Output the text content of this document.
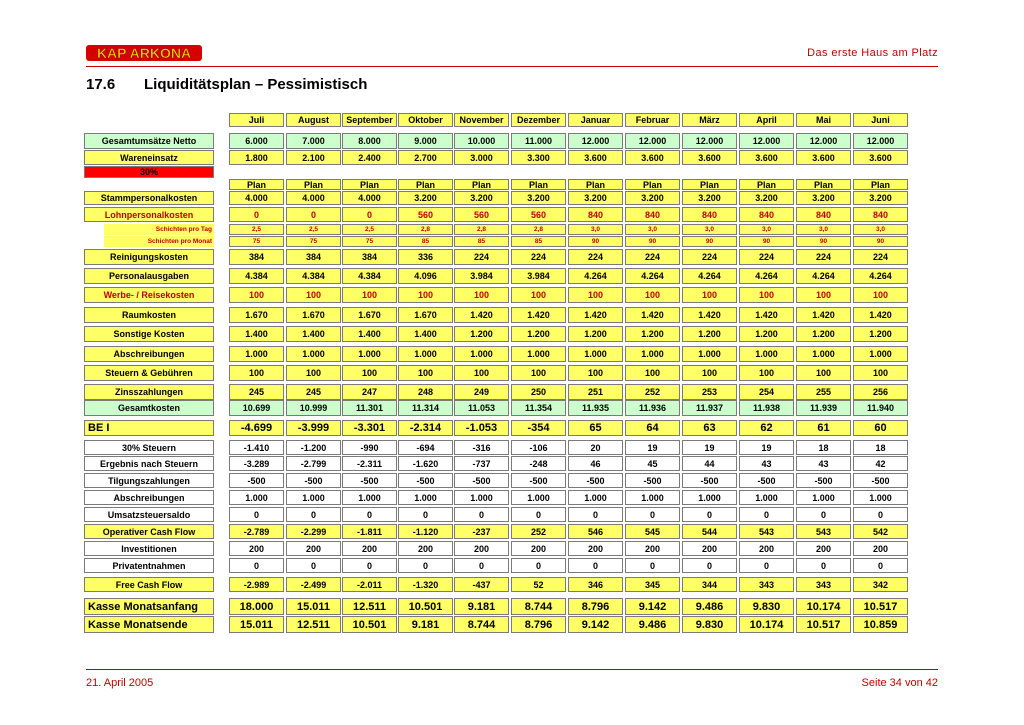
KAP ARKONA	Das erste Haus am Platz
17.6 Liquiditätsplan – Pessimistisch
Juli	August	September	Oktober	November	Dezember	Januar	Februar	März	April	Mai	Juni
Gesamtumsätze Netto	6.000	7.000	8.000	9.000	10.000	11.000	12.000	12.000	12.000	12.000	12.000	12.000
Wareneinsatz	1.800	2.100	2.400	2.700	3.000	3.300	3.600	3.600	3.600	3.600	3.600	3.600
30%
Plan	Plan	Plan	Plan	Plan	Plan	Plan	Plan	Plan	Plan	Plan	Plan
Stammpersonalkosten	4.000	4.000	4.000	3.200	3.200	3.200	3.200	3.200	3.200	3.200	3.200	3.200
Lohnpersonalkosten	0	0	0	560	560	560	840	840	840	840	840	840
Schichten pro Tag	2,5	2,5	2,5	2,8	2,8	2,8	3,0	3,0	3,0	3,0	3,0	3,0
Schichten pro Monat	75	75	75	85	85	85	90	90	90	90	90	90
Reinigungskosten	384	384	384	336	224	224	224	224	224	224	224	224
Personalausgaben	4.384	4.384	4.384	4.096	3.984	3.984	4.264	4.264	4.264	4.264	4.264	4.264
Werbe- / Reisekosten	100	100	100	100	100	100	100	100	100	100	100	100
Raumkosten	1.670	1.670	1.670	1.670	1.420	1.420	1.420	1.420	1.420	1.420	1.420	1.420
Sonstige Kosten	1.400	1.400	1.400	1.400	1.200	1.200	1.200	1.200	1.200	1.200	1.200	1.200
Abschreibungen	1.000	1.000	1.000	1.000	1.000	1.000	1.000	1.000	1.000	1.000	1.000	1.000
Steuern & Gebühren	100	100	100	100	100	100	100	100	100	100	100	100
Zinsszahlungen	245	245	247	248	249	250	251	252	253	254	255	256
Gesamtkosten	10.699	10.999	11.301	11.314	11.053	11.354	11.935	11.936	11.937	11.938	11.939	11.940
BE I	-4.699	-3.999	-3.301	-2.314	-1.053	-354	65	64	63	62	61	60
30% Steuern	-1.410	-1.200	-990	-694	-316	-106	20	19	19	19	18	18
Ergebnis nach Steuern	-3.289	-2.799	-2.311	-1.620	-737	-248	46	45	44	43	43	42
Tilgungszahlungen	-500	-500	-500	-500	-500	-500	-500	-500	-500	-500	-500	-500
Abschreibungen	1.000	1.000	1.000	1.000	1.000	1.000	1.000	1.000	1.000	1.000	1.000	1.000
Umsatzsteuersaldo	0	0	0	0	0	0	0	0	0	0	0	0
Operativer Cash Flow	-2.789	-2.299	-1.811	-1.120	-237	252	546	545	544	543	543	542
Investitionen	200	200	200	200	200	200	200	200	200	200	200	200
Privatentnahmen	0	0	0	0	0	0	0	0	0	0	0	0
Free Cash Flow	-2.989	-2.499	-2.011	-1.320	-437	52	346	345	344	343	343	342
Kasse Monatsanfang	18.000	15.011	12.511	10.501	9.181	8.744	8.796	9.142	9.486	9.830	10.174	10.517
Kasse Monatsende	15.011	12.511	10.501	9.181	8.744	8.796	9.142	9.486	9.830	10.174	10.517	10.859
21. April 2005	Seite 34 von 42
